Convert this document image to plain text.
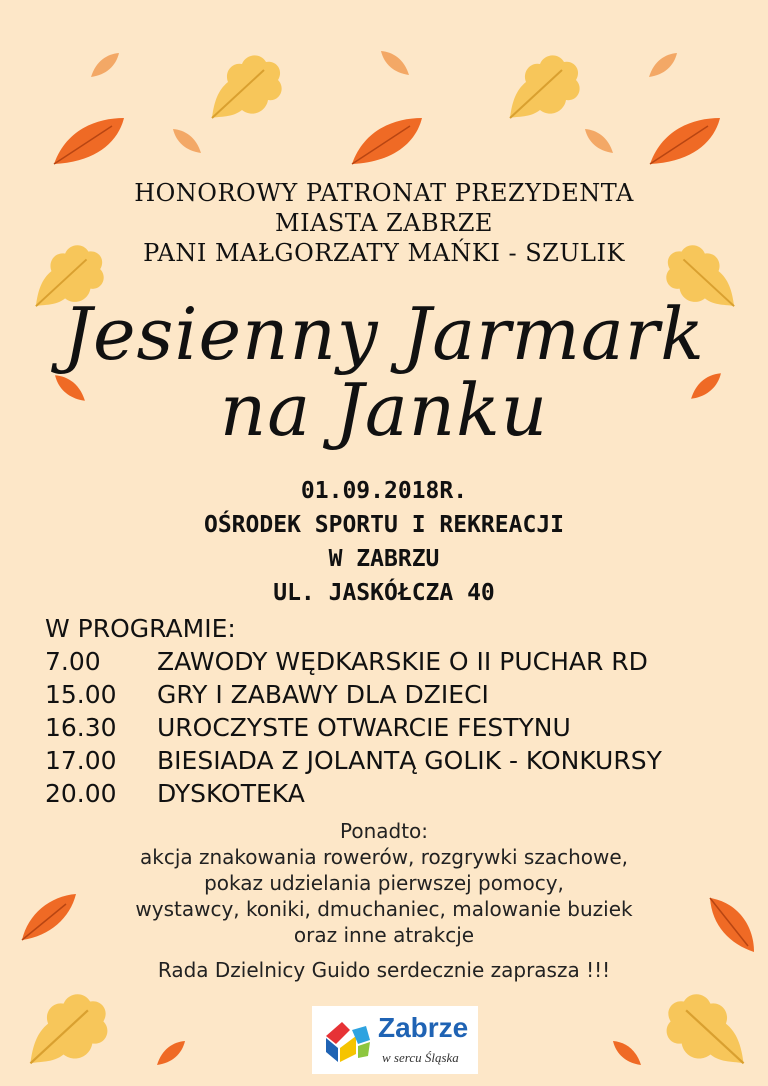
HONOROWY PATRONAT PREZYDENTA
MIASTA ZABRZE
PANI MAŁGORZATY MAŃKI - SZULIK
Jesienny Jarmark
na Janku
01.09.2018R.
OŚRODEK SPORTU I REKREACJI
W ZABRZU
UL. JASKÓŁCZA 40
W PROGRAMIE:
7.00 ZAWODY WĘDKARSKIE O II PUCHAR RD
15.00 GRY I ZABAWY DLA DZIECI
16.30 UROCZYSTE OTWARCIE FESTYNU
17.00 BIESIADA Z JOLANTĄ GOLIK - KONKURSY
20.00 DYSKOTEKA
Ponadto:
akcja znakowania rowerów, rozgrywki szachowe,
pokaz udzielania pierwszej pomocy,
wystawcy, koniki, dmuchaniec, malowanie buziek
oraz inne atrakcje
Rada Dzielnicy Guido serdecznie zaprasza !!!
Zabrze
w sercu Śląska
